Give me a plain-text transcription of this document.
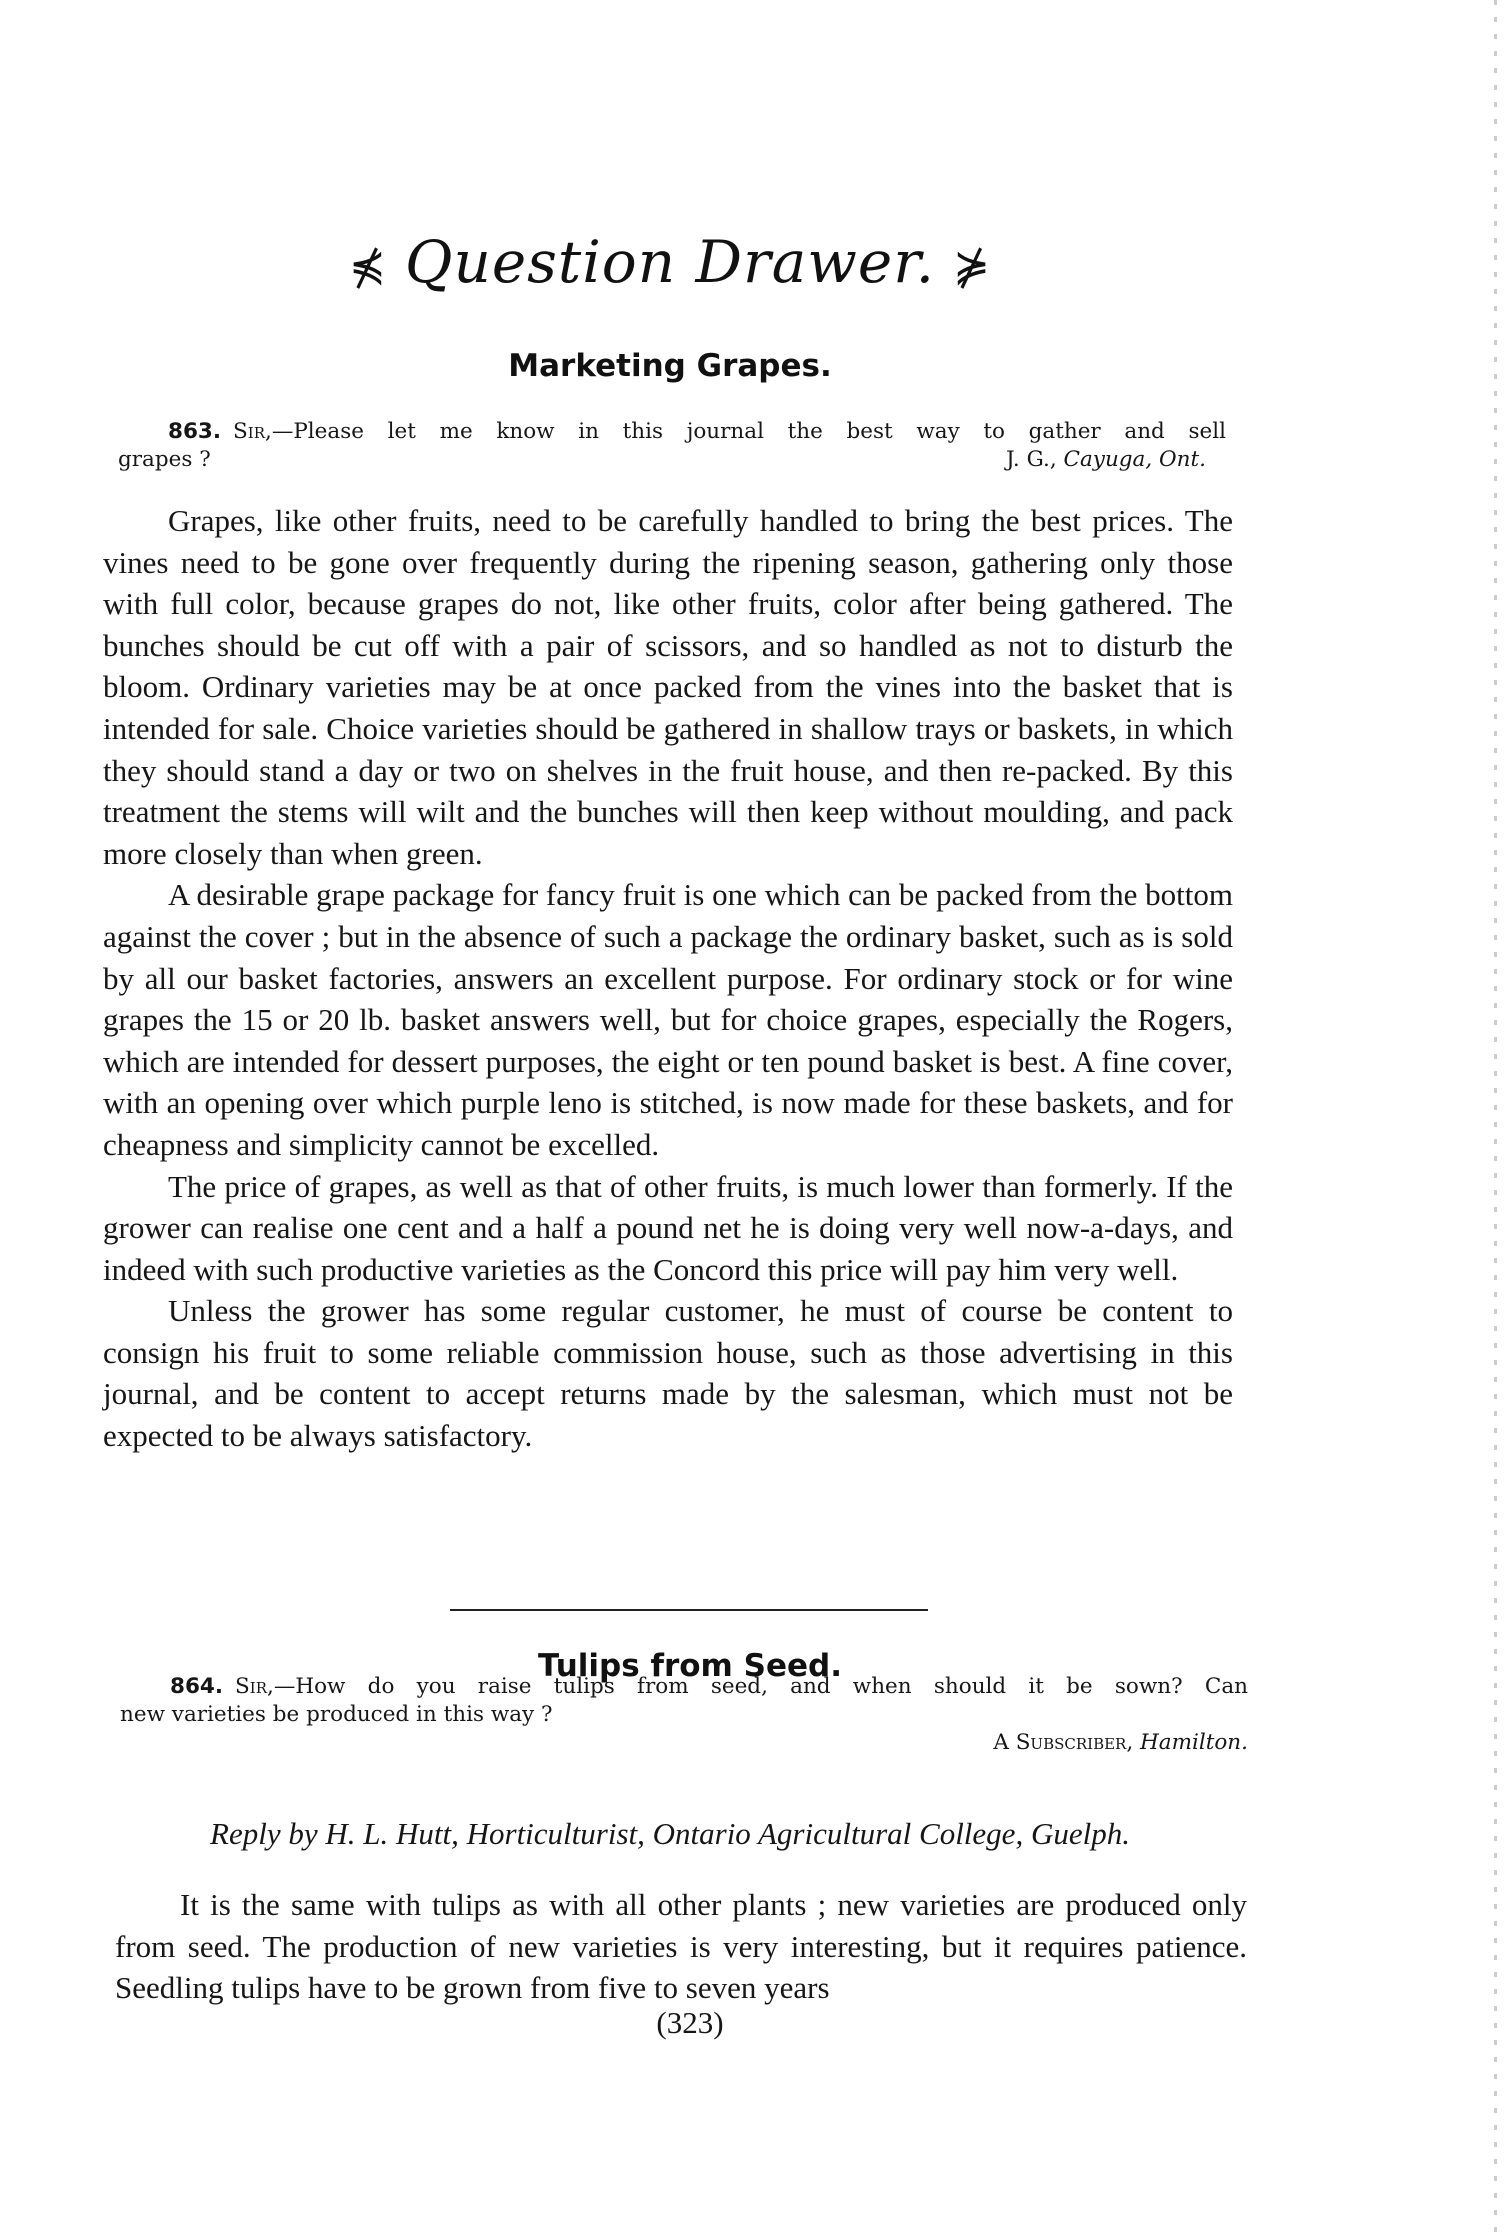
⋠ Question Drawer. ⋡
Marketing Grapes.
863. Sir,—Please let me know in this journal the best way to gather and sell
grapes ?	J. G., Cayuga, Ont.

Grapes, like other fruits, need to be carefully handled to bring the best prices. The vines need to be gone over frequently during the ripening season, gathering only those with full color, because grapes do not, like other fruits, color after being gathered. The bunches should be cut off with a pair of scissors, and so handled as not to disturb the bloom. Ordinary varieties may be at once packed from the vines into the basket that is intended for sale. Choice varieties should be gathered in shallow trays or baskets, in which they should stand a day or two on shelves in the fruit house, and then re-packed. By this treatment the stems will wilt and the bunches will then keep without moulding, and pack more closely than when green.

A desirable grape package for fancy fruit is one which can be packed from the bottom against the cover ; but in the absence of such a package the ordinary basket, such as is sold by all our basket factories, answers an excellent purpose. For ordinary stock or for wine grapes the 15 or 20 lb. basket answers well, but for choice grapes, especially the Rogers, which are intended for dessert purposes, the eight or ten pound basket is best. A fine cover, with an opening over which purple leno is stitched, is now made for these baskets, and for cheapness and simplicity cannot be excelled.

The price of grapes, as well as that of other fruits, is much lower than formerly. If the grower can realise one cent and a half a pound net he is doing very well now-a-days, and indeed with such productive varieties as the Concord this price will pay him very well.

Unless the grower has some regular customer, he must of course be content to consign his fruit to some reliable commission house, such as those advertising in this journal, and be content to accept returns made by the salesman, which must not be expected to be always satisfactory.

Tulips from Seed.
864. Sir,—How do you raise tulips from seed, and when should it be sown? Can
new varieties be produced in this way ?
A Subscriber, Hamilton.
Reply by H. L. Hutt, Horticulturist, Ontario Agricultural College, Guelph.

It is the same with tulips as with all other plants ; new varieties are produced only from seed. The production of new varieties is very interesting, but it requires patience. Seedling tulips have to be grown from five to seven years

(323)
